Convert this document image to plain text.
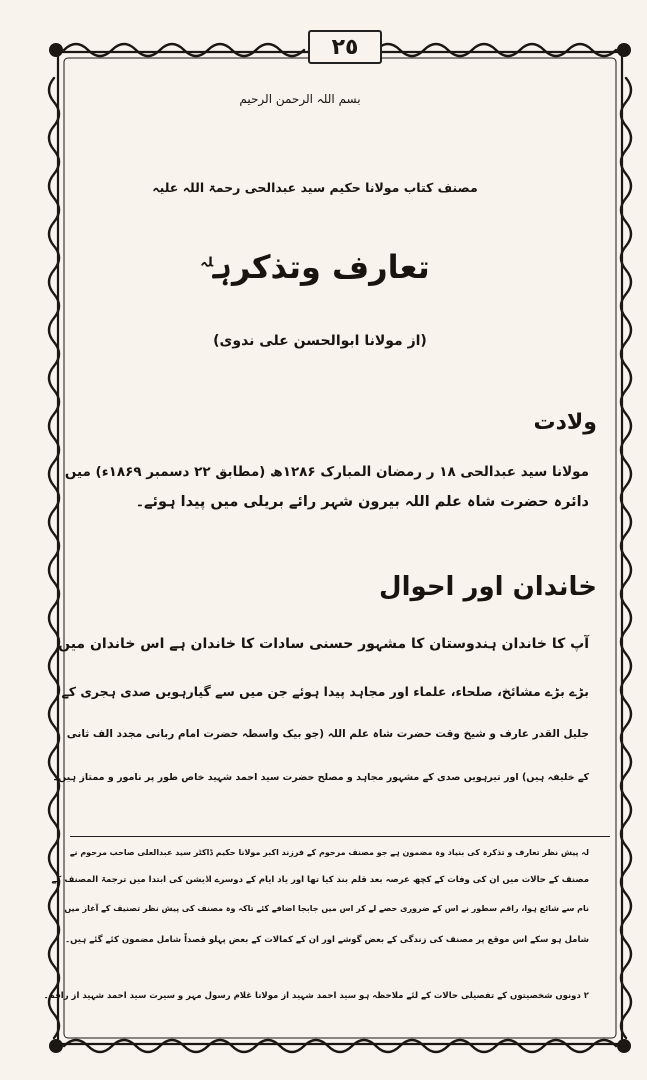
٢٥
بسم اللہ الرحمن الرحیم
مصنف کتاب مولانا حکیم سید عبدالحی رحمۃ اللہ علیہ
تعارف وتذکرہ$^{لہ}$
(از مولانا ابوالحسن علی ندوی)
ولادت
مولانا سید عبدالحی ۱۸ ر رمضان المبارک ۱۲۸۶ھ (مطابق ۲۲ دسمبر ۱۸۶۹ء) میں
دائرہ حضرت شاہ علم اللہ بیرون شہر رائے بریلی میں پیدا ہوئے۔
خاندان اور احوال
آپ کا خاندان ہندوستان کا مشہور حسنی سادات کا خاندان ہے اس خاندان میں
بڑے بڑے مشائخ، صلحاء، علماء اور مجاہد پیدا ہوئے جن میں سے گیارہویں صدی ہجری کے
جلیل القدر عارف و شیخ وقت حضرت شاہ علم اللہ (جو بیک واسطہ حضرت امام ربانی مجدد الف ثانی
کے خلیفہ ہیں) اور تیرہویں صدی کے مشہور مجاہد و مصلح حضرت سید احمد شہید خاص طور پر نامور و ممتاز ہیں۔
لہ پیش نظر تعارف و تذکرہ کی بنیاد وہ مضمون ہے جو مصنف مرحوم کے فرزند اکبر مولانا حکیم ڈاکٹر سید عبدالعلی صاحب مرحوم نے
مصنف کے حالات میں ان کی وفات کے کچھ عرصہ بعد قلم بند کیا تھا اور یاد ایام کے دوسرے اڈیشن کی ابتدا میں ترجمۃ المصنف کے
نام سے شائع ہوا، راقم سطور نے اس کے ضروری حصے لے کر اس میں جابجا اضافے کئے تاکہ وہ مصنف کی پیش نظر تصنیف کے آغاز میں
شامل ہو سکے اس موقع پر مصنف کی زندگی کے بعض گوشے اور ان کے کمالات کے بعض پہلو قصداً شامل مضمون کئے گئے ہیں۔
۲ دونوں شخصیتوں کے تفصیلی حالات کے لئے ملاحظہ ہو سید احمد شہید از مولانا غلام رسول مہر و سیرت سید احمد شہید از راقم۔
